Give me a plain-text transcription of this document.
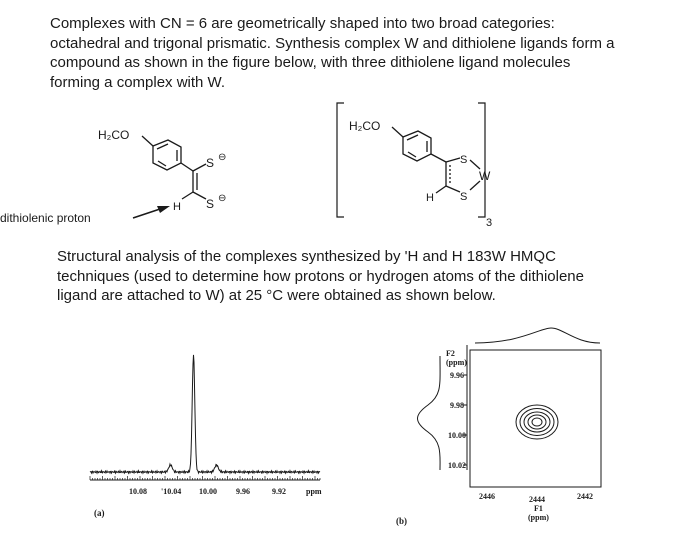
Complexes with CN = 6 are geometrically shaped into two broad categories:
octahedral and trigonal prismatic. Synthesis complex W and dithiolene ligands form a
compound as shown in the figure below, with three dithiolene ligand molecules
forming a complex with W.
H₂CO
S
S
⊖
⊖
H
dithiolenic proton
H₂CO
S
S
W
H
3
10.08 '10.04 10.00 9.96	9.92	ppm
(a)
F2
(ppm)
9.96
9.98
10.00
10.02
2446	2444	2442
F1
(ppm)
(b)
Structural analysis of the complexes synthesized by 'H and H 183W HMQC
techniques (used to determine how protons or hydrogen atoms of the dithiolene
ligand are attached to W) at 25 °C were obtained as shown below.
